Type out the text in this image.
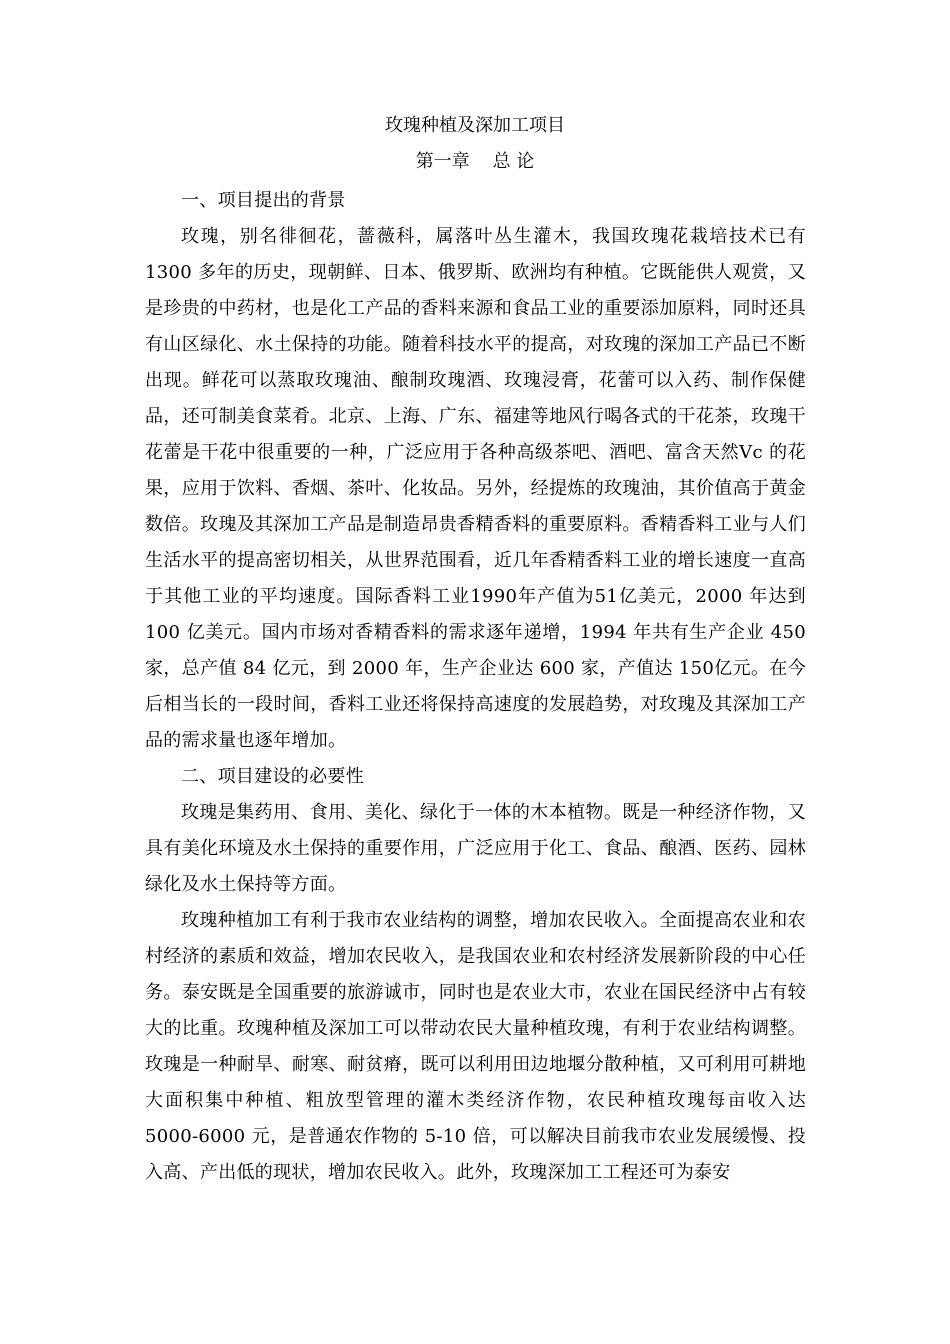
玫瑰种植及深加工项目
第一章    总 论

一、项目提出的背景

玫瑰，别名徘徊花，蔷薇科，属落叶丛生灌木，我国玫瑰花栽培技术已有1300 多年的历史，现朝鲜、日本、俄罗斯、欧洲均有种植。它既能供人观赏，又是珍贵的中药材，也是化工产品的香料来源和食品工业的重要添加原料，同时还具有山区绿化、水土保持的功能。随着科技水平的提高，对玫瑰的深加工产品已不断出现。鲜花可以蒸取玫瑰油、酿制玫瑰酒、玫瑰浸膏，花蕾可以入药、制作保健品，还可制美食菜肴。北京、上海、广东、福建等地风行喝各式的干花茶，玫瑰干花蕾是干花中很重要的一种，广泛应用于各种高级茶吧、酒吧、富含天然Vc 的花果，应用于饮料、香烟、茶叶、化妆品。另外，经提炼的玫瑰油，其价值高于黄金数倍。玫瑰及其深加工产品是制造昂贵香精香料的重要原料。香精香料工业与人们生活水平的提高密切相关，从世界范围看，近几年香精香料工业的增长速度一直高于其他工业的平均速度。国际香料工业1990年产值为51亿美元，2000 年达到 100 亿美元。国内市场对香精香料的需求逐年递增，1994 年共有生产企业 450 家，总产值 84 亿元，到 2000 年，生产企业达 600 家，产值达 150亿元。在今后相当长的一段时间，香料工业还将保持高速度的发展趋势，对玫瑰及其深加工产品的需求量也逐年增加。

二、项目建设的必要性

玫瑰是集药用、食用、美化、绿化于一体的木本植物。既是一种经济作物，又具有美化环境及水土保持的重要作用，广泛应用于化工、食品、酿酒、医药、园林绿化及水土保持等方面。

玫瑰种植加工有利于我市农业结构的调整，增加农民收入。全面提高农业和农村经济的素质和效益，增加农民收入，是我国农业和农村经济发展新阶段的中心任务。泰安既是全国重要的旅游诚市，同时也是农业大市，农业在国民经济中占有较大的比重。玫瑰种植及深加工可以带动农民大量种植玫瑰，有利于农业结构调整。玫瑰是一种耐旱、耐寒、耐贫瘠，既可以利用田边地堰分散种植，又可利用可耕地大面积集中种植、粗放型管理的灌木类经济作物，农民种植玫瑰每亩收入达 5000-6000 元，是普通农作物的 5-10 倍，可以解决目前我市农业发展缓慢、投入高、产出低的现状，增加农民收入。此外，玫瑰深加工工程还可为泰安
